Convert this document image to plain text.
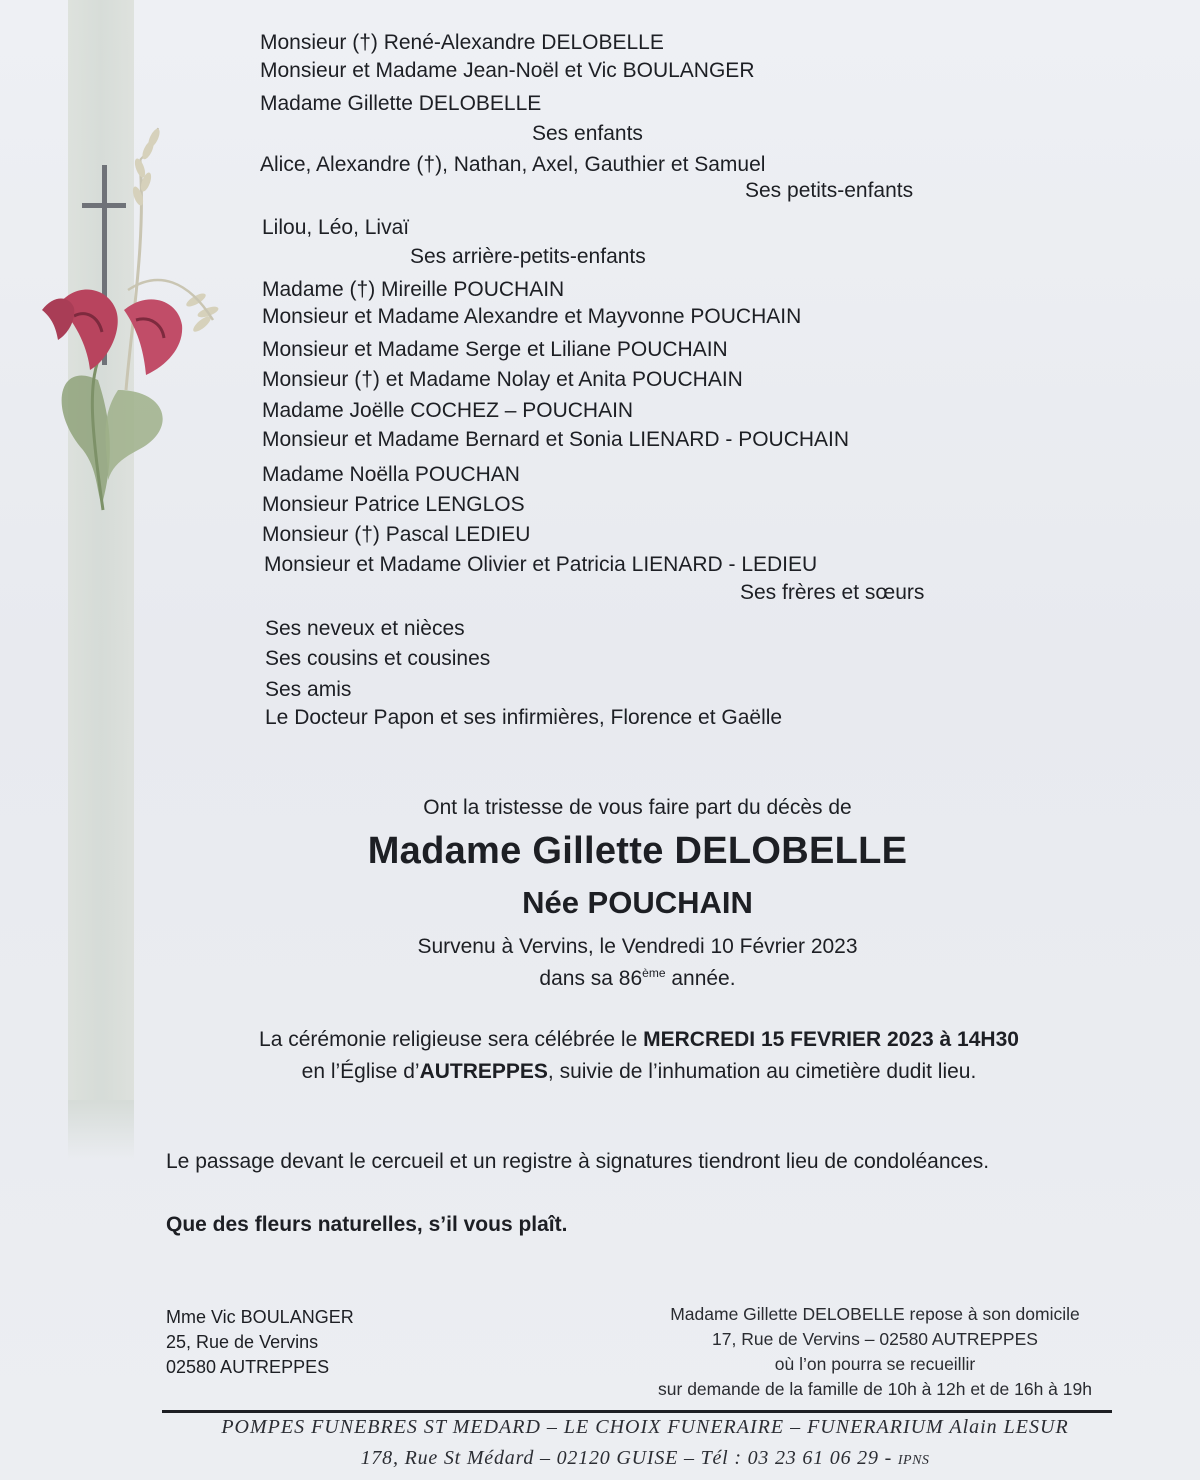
Monsieur (†) René-Alexandre DELOBELLE
Monsieur et Madame Jean-Noël et Vic BOULANGER
Madame Gillette DELOBELLE
Ses enfants
Alice, Alexandre (†), Nathan, Axel, Gauthier et Samuel
Ses petits-enfants
Lilou, Léo, Livaï
Ses arrière-petits-enfants
Madame (†) Mireille POUCHAIN
Monsieur et Madame Alexandre et Mayvonne POUCHAIN
Monsieur et Madame Serge et Liliane POUCHAIN
Monsieur (†) et Madame Nolay et Anita POUCHAIN
Madame Joëlle COCHEZ – POUCHAIN
Monsieur et Madame Bernard et Sonia LIENARD - POUCHAIN
Madame Noëlla POUCHAN
Monsieur Patrice LENGLOS
Monsieur (†) Pascal LEDIEU
Monsieur et Madame Olivier et Patricia LIENARD - LEDIEU
Ses frères et sœurs
Ses neveux et nièces
Ses cousins et cousines
Ses amis
Le Docteur Papon et ses infirmières, Florence et Gaëlle
Ont la tristesse de vous faire part du décès de
Madame Gillette DELOBELLE
Née POUCHAIN
Survenu à Vervins, le Vendredi 10 Février 2023
dans sa 86ème année.
La cérémonie religieuse sera célébrée le MERCREDI 15 FEVRIER 2023 à 14H30
en l’Église d’AUTREPPES, suivie de l’inhumation au cimetière dudit lieu.
Le passage devant le cercueil et un registre à signatures tiendront lieu de condoléances.
Que des fleurs naturelles, s’il vous plaît.
Mme Vic BOULANGER
25, Rue de Vervins
02580 AUTREPPES
Madame Gillette DELOBELLE repose à son domicile
17, Rue de Vervins – 02580 AUTREPPES
où l’on pourra se recueillir
sur demande de la famille de 10h à 12h et de 16h à 19h
POMPES FUNEBRES ST MEDARD – LE CHOIX FUNERAIRE – FUNERARIUM Alain LESUR
178, Rue St Médard – 02120 GUISE – Tél : 03 23 61 06 29 - IPNS
